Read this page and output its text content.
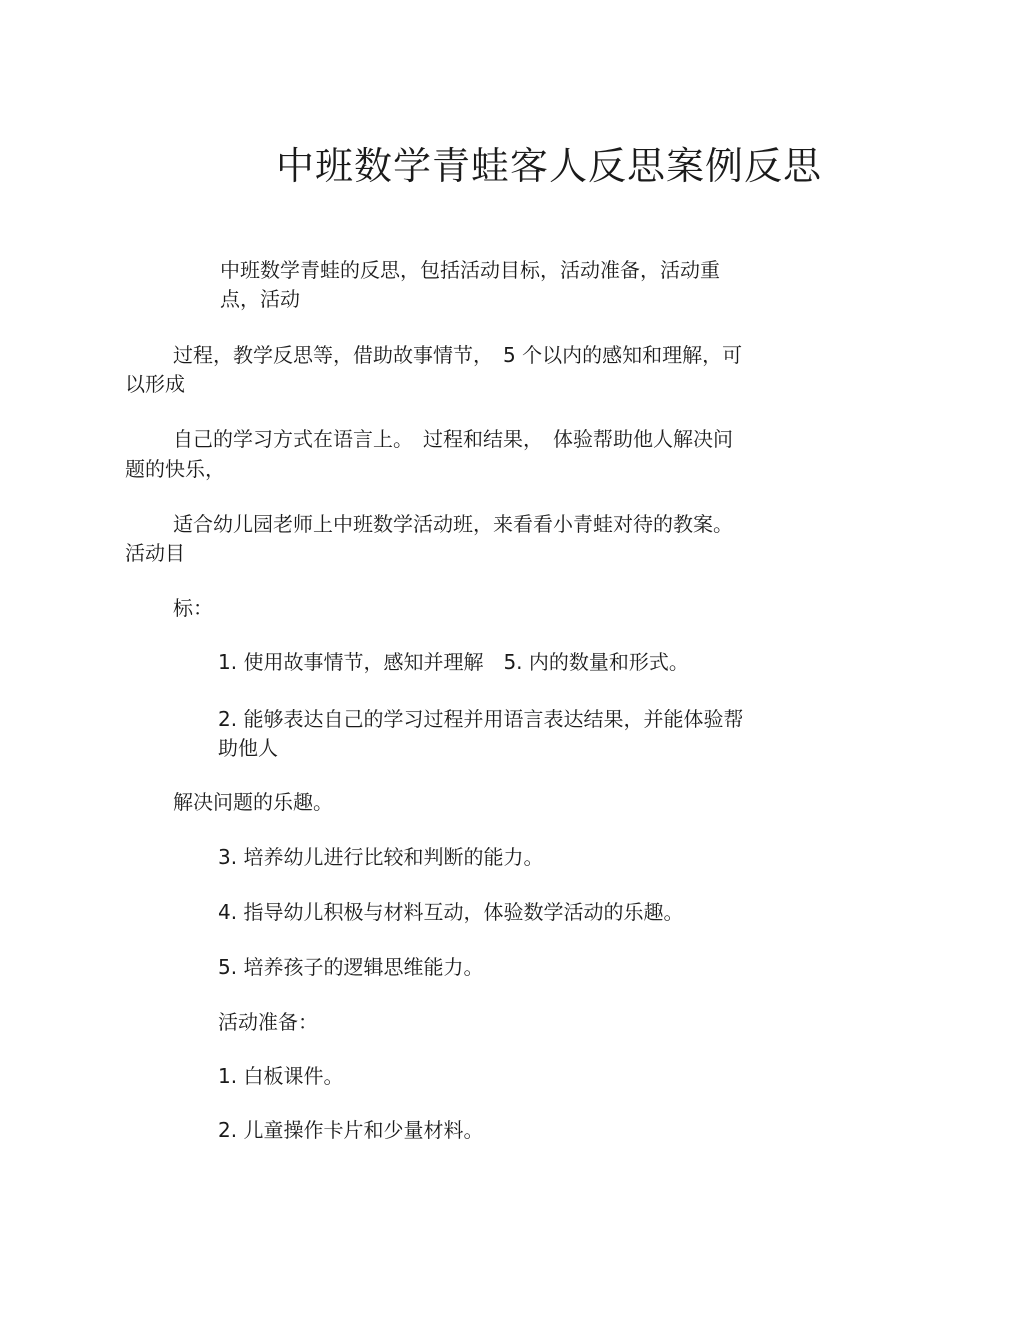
中班数学青蛙客人反思案例反思
中班数学青蛙的反思，包括活动目标，活动准备，活动重
点，活动
过程，教学反思等，借助故事情节，　5 个以内的感知和理解，可
以形成
自己的学习方式在语言上。　过程和结果，　体验帮助他人解决问
题的快乐，
适合幼儿园老师上中班数学活动班，来看看小青蛙对待的教案。
活动目
标：
1. 使用故事情节，感知并理解　5. 内的数量和形式。
2. 能够表达自己的学习过程并用语言表达结果，并能体验帮
助他人
解决问题的乐趣。
3. 培养幼儿进行比较和判断的能力。
4. 指导幼儿积极与材料互动，体验数学活动的乐趣。
5. 培养孩子的逻辑思维能力。
活动准备：
1. 白板课件。
2. 儿童操作卡片和少量材料。
